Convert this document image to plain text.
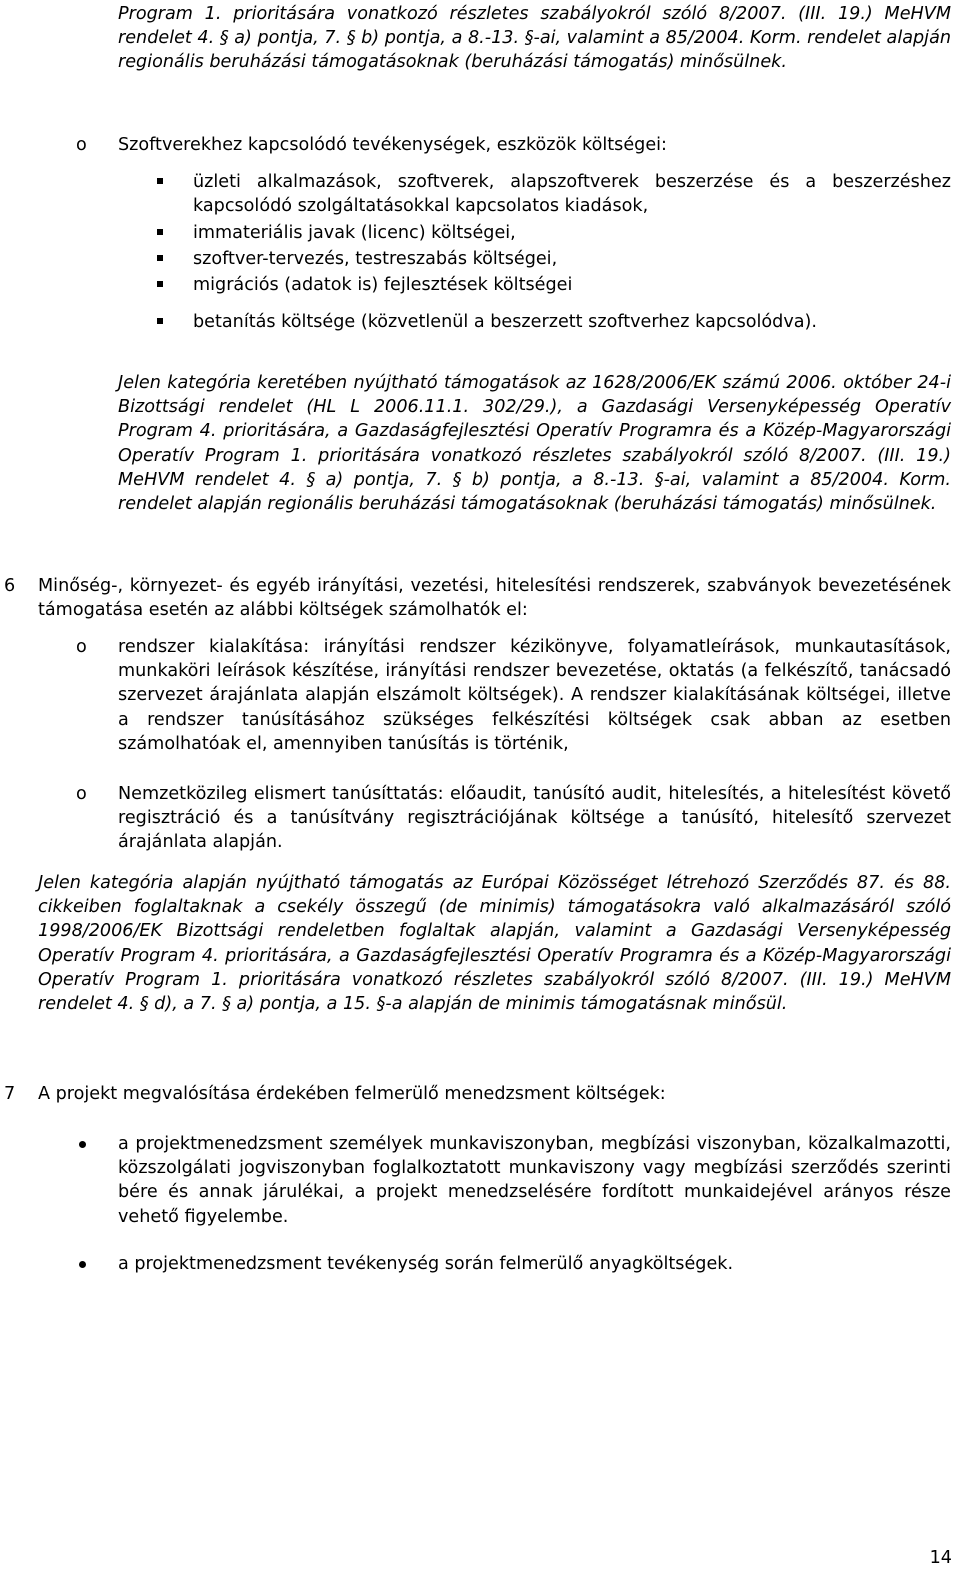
Program 1. prioritására vonatkozó részletes szabályokról szóló 8/2007. (III. 19.) MeHVM rendelet 4. § a) pontja, 7. § b) pontja, a 8.-13. §-ai, valamint a 85/2004. Korm. rendelet alapján regionális beruházási támogatásoknak (beruházási támogatás) minősülnek.
o Szoftverekhez kapcsolódó tevékenységek, eszközök költségei:
üzleti alkalmazások, szoftverek, alapszoftverek beszerzése és a beszerzéshez kapcsolódó szolgáltatásokkal kapcsolatos kiadások,
immateriális javak (licenc) költségei,
szoftver-tervezés, testreszabás költségei,
migrációs (adatok is) fejlesztések költségei
betanítás költsége (közvetlenül a beszerzett szoftverhez kapcsolódva).
Jelen kategória keretében nyújtható támogatások az 1628/2006/EK számú 2006. október 24-i Bizottsági rendelet (HL L 2006.11.1. 302/29.), a Gazdasági Versenyképesség Operatív Program 4. prioritására, a Gazdaságfejlesztési Operatív Programra és a Közép-Magyarországi Operatív Program 1. prioritására vonatkozó részletes szabályokról szóló 8/2007. (III. 19.) MeHVM rendelet 4. § a) pontja, 7. § b) pontja, a 8.-13. §-ai, valamint a 85/2004. Korm. rendelet alapján regionális beruházási támogatásoknak (beruházási támogatás) minősülnek.
6 Minőség-, környezet- és egyéb irányítási, vezetési, hitelesítési rendszerek, szabványok bevezetésének támogatása esetén az alábbi költségek számolhatók el:
o rendszer kialakítása: irányítási rendszer kézikönyve, folyamatleírások, munkautasítások, munkaköri leírások készítése, irányítási rendszer bevezetése, oktatás (a felkészítő, tanácsadó szervezet árajánlata alapján elszámolt költségek). A rendszer kialakításának költségei, illetve a rendszer tanúsításához szükséges felkészítési költségek csak abban az esetben számolhatóak el, amennyiben tanúsítás is történik,
o Nemzetközileg elismert tanúsíttatás: előaudit, tanúsító audit, hitelesítés, a hitelesítést követő regisztráció és a tanúsítvány regisztrációjának költsége a tanúsító, hitelesítő szervezet árajánlata alapján.
Jelen kategória alapján nyújtható támogatás az Európai Közösséget létrehozó Szerződés 87. és 88. cikkeiben foglaltaknak a csekély összegű (de minimis) támogatásokra való alkalmazásáról szóló 1998/2006/EK Bizottsági rendeletben foglaltak alapján, valamint a Gazdasági Versenyképesség Operatív Program 4. prioritására, a Gazdaságfejlesztési Operatív Programra és a Közép-Magyarországi Operatív Program 1. prioritására vonatkozó részletes szabályokról szóló 8/2007. (III. 19.) MeHVM rendelet 4. § d), a 7. § a) pontja, a 15. §-a alapján de minimis támogatásnak minősül.
7 A projekt megvalósítása érdekében felmerülő menedzsment költségek:
a projektmenedzsment személyek munkaviszonyban, megbízási viszonyban, közalkalmazotti, közszolgálati jogviszonyban foglalkoztatott munkaviszony vagy megbízási szerződés szerinti bére és annak járulékai, a projekt menedzselésére fordított munkaidejével arányos része vehető figyelembe.
a projektmenedzsment tevékenység során felmerülő anyagköltségek.
14
